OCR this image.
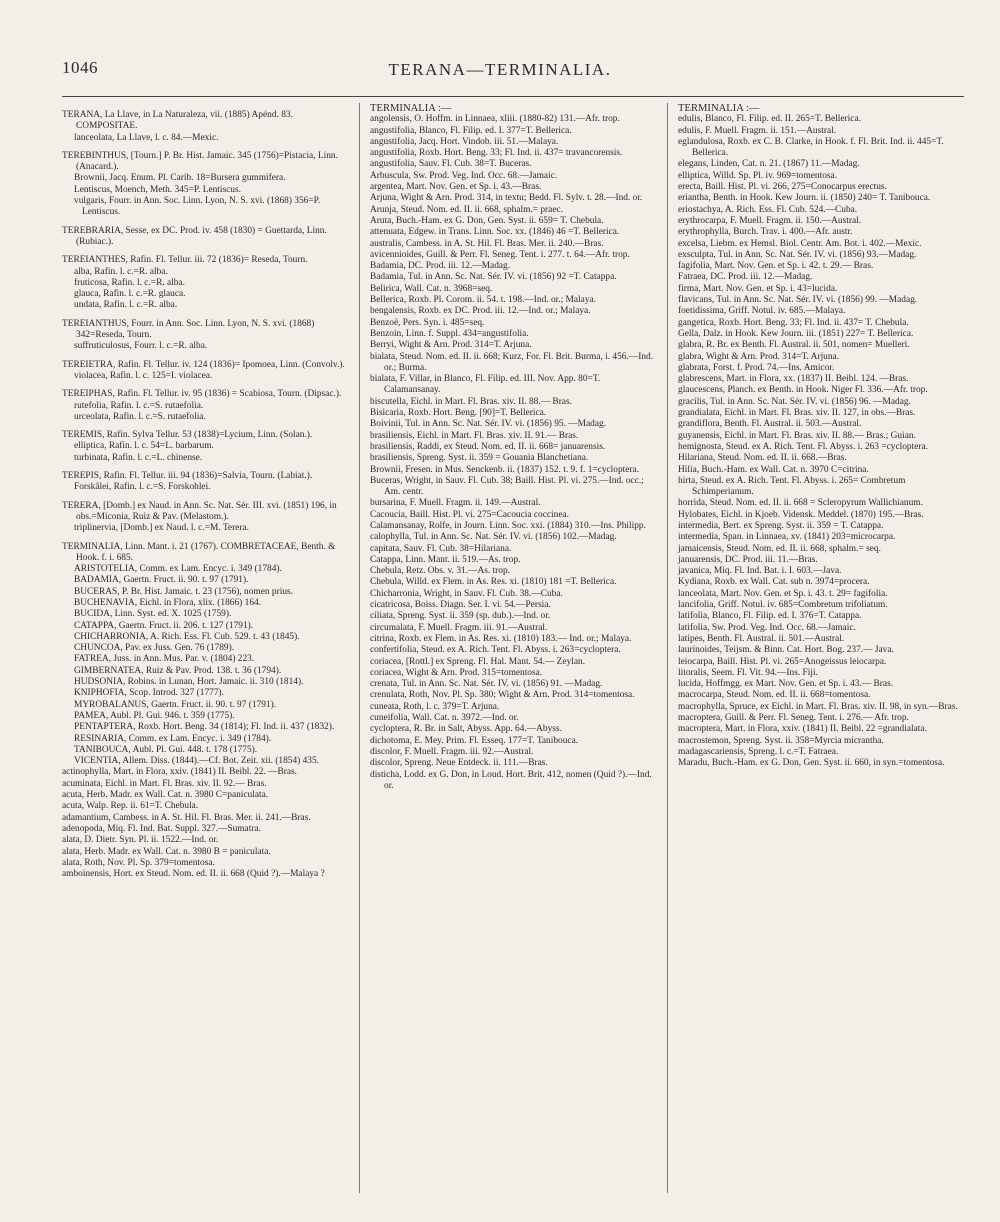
1046	TERANA—TERMINALIA.

TERANA, La Llave, in La Naturaleza, vii. (1885) Apénd. 83. COMPOSITAE.

lanceolata, La Llave, l. c. 84.—Mexic.

TEREBINTHUS, [Tourn.] P. Br. Hist. Jamaic. 345 (1756)=Pistacia, Linn. (Anacard.).

Brownii, Jacq. Enum. Pl. Carib. 18=Bursera gummifera.

Lentiscus, Moench, Meth. 345=P. Lentiscus.

vulgaris, Fourr. in Ann. Soc. Linn. Lyon, N. S. xvi. (1868) 356=P. Lentiscus.

TEREBRARIA, Sesse, ex DC. Prod. iv. 458 (1830) = Guettarda, Linn. (Rubiac.).

TEREIANTHES, Rafin. Fl. Tellur. iii. 72 (1836)= Reseda, Tourn.

alba, Rafin. l. c.=R. alba.

fruticosa, Rafin. l. c.=R. alba.

glauca, Rafin. l. c.=R. glauca.

undata, Rafin. l. c.=R. alba.

TEREIANTHUS, Fourr. in Ann. Soc. Linn. Lyon, N. S. xvi. (1868) 342=Reseda, Tourn.

suffruticulosus, Fourr. l. c.=R. alba.

TEREIETRA, Rafin. Fl. Tellur. iv. 124 (1836)= Ipomoea, Linn. (Convolv.).

violacea, Rafin. l. c. 125=I. violacea.

TEREIPHAS, Rafin. Fl. Tellur. iv. 95 (1836) = Scabiosa, Tourn. (Dipsac.).

rutefolia, Rafin. l. c.=S. rutaefolia.

urceolata, Rafin. l. c.=S. rutaefolia.

TEREMIS, Rafin. Sylva Tellur. 53 (1838)=Lycium, Linn. (Solan.).

elliptica, Rafin. l. c. 54=L. barbarum.

turbinata, Rafin. l. c.=L. chinense.

TEREPIS, Rafin. Fl. Tellur. iii. 94 (1836)=Salvia, Tourn. (Labiat.).

Forskålei, Rafin. l. c.=S. Forskohlei.

TERERA, [Domb.] ex Naud. in Ann. Sc. Nat. Sér. III. xvi. (1851) 196, in obs.=Miconia, Ruiz & Pav. (Melastom.).

triplinervia, [Domb.] ex Naud. l. c.=M. Terera.

TERMINALIA, Linn. Mant. i. 21 (1767). COMBRETACEAE, Benth. & Hook. f. i. 685.

ARISTOTELIA, Comm. ex Lam. Encyc. i. 349 (1784).

BADAMIA, Gaertn. Fruct. ii. 90. t. 97 (1791).

BUCERAS, P. Br. Hist. Jamaic. t. 23 (1756), nomen prius.

BUCHENAVIA, Eichl. in Flora, xlix. (1866) 164.

BUCIDA, Linn. Syst. ed. X. 1025 (1759).

CATAPPA, Gaertn. Fruct. ii. 206. t. 127 (1791).

CHICHARRONIA, A. Rich. Ess. Fl. Cub. 529. t. 43 (1845).

CHUNCOA, Pav. ex Juss. Gen. 76 (1789).

FATREA, Juss. in Ann. Mus. Par. v. (1804) 223.

GIMBERNATEA, Ruiz & Pav. Prod. 138. t. 36 (1794).

HUDSONIA, Robins. in Lunan, Hort. Jamaic. ii. 310 (1814).

KNIPHOFIA, Scop. Introd. 327 (1777).

MYROBALANUS, Gaertn. Fruct. ii. 90. t. 97 (1791).

PAMEA, Aubl. Pl. Gui. 946. t. 359 (1775).

PENTAPTERA, Roxb. Hort. Beng. 34 (1814); Fl. Ind. ii. 437 (1832).

RESINARIA, Comm. ex Lam. Encyc. i. 349 (1784).

TANIBOUCA, Aubl. Pl. Gui. 448. t. 178 (1775).

VICENTIA, Allem. Diss. (1844).—Cf. Bot. Zeit. xii. (1854) 435.

actinophylla, Mart. in Flora, xxiv. (1841) II. Beibl. 22. —Bras.

acuminata, Eichl. in Mart. Fl. Bras. xiv. II. 92.— Bras.

acuta, Herb. Madr. ex Wall. Cat. n. 3980 C=paniculata.

acuta, Walp. Rep. ii. 61=T. Chebula.

adamantium, Cambess. in A. St. Hil. Fl. Bras. Mer. ii. 241.—Bras.

adenopoda, Miq. Fl. Ind. Bat. Suppl. 327.—Sumatra.

alata, D. Dietr. Syn. Pl. ii. 1522.—Ind. or.

alata, Herb. Madr. ex Wall. Cat. n. 3980 B = paniculata.

alata, Roth, Nov. Pl. Sp. 379=tomentosa.

amboinensis, Hort. ex Steud. Nom. ed. II. ii. 668 (Quid ?).—Malaya ?

TERMINALIA :—

angolensis, O. Hoffm. in Linnaea, xliii. (1880-82) 131.—Afr. trop.

angustifolia, Blanco, Fl. Filip. ed. I. 377=T. Bellerica.

angustifolia, Jacq. Hort. Vindob. iii. 51.—Malaya.

angustifolia, Roxb. Hort. Beng. 33; Fl. Ind. ii. 437= travancorensis.

angustifolia, Sauv. Fl. Cub. 38=T. Buceras.

Arbuscula, Sw. Prod. Veg. Ind. Occ. 68.—Jamaic.

argentea, Mart. Nov. Gen. et Sp. i. 43.—Bras.

Arjuna, Wight & Arn. Prod. 314, in textu; Bedd. Fl. Sylv. t. 28.—Ind. or.

Arunja, Steud. Nom. ed. II. ii. 668, sphalm.= praec.

Aruta, Buch.-Ham. ex G. Don, Gen. Syst. ii. 659= T. Chebula.

attenuata, Edgew. in Trans. Linn. Soc. xx. (1846) 46 =T. Bellerica.

australis, Cambess. in A. St. Hil. Fl. Bras. Mer. ii. 240.—Bras.

avicennioides, Guill. & Perr. Fl. Seneg. Tent. i. 277. t. 64.—Afr. trop.

Badamia, DC. Prod. iii. 12.—Madag.

Badamia, Tul. in Ann. Sc. Nat. Sér. IV. vi. (1856) 92 =T. Catappa.

Belirica, Wall. Cat. n. 3968=seq.

Bellerica, Roxb. Pl. Corom. ii. 54. t. 198.—Ind. or.; Malaya.

bengalensis, Roxb. ex DC. Prod. iii. 12.—Ind. or.; Malaya.

Benzoë, Pers. Syn. i. 485=seq.

Benzoin, Linn. f. Suppl. 434=angustifolia.

Berryi, Wight & Arn. Prod. 314=T. Arjuna.

bialata, Steud. Nom. ed. II. ii. 668; Kurz, For. Fl. Brit. Burma, i. 456.—Ind. or.; Burma.

bialata, F. Villar, in Blanco, Fl. Filip. ed. III. Nov. App. 80=T. Calamansanay.

biscutella, Eichl. in Mart. Fl. Bras. xiv. II. 88.— Bras.

Bisicaria, Roxb. Hort. Beng. [90]=T. Bellerica.

Boivinii, Tul. in Ann. Sc. Nat. Sér. IV. vi. (1856) 95. —Madag.

brasiliensis, Eichl. in Mart. Fl. Bras. xiv. II. 91.— Bras.

brasiliensis, Raddi, ex Steud. Nom. ed. II. ii. 668= januarensis.

brasiliensis, Spreng. Syst. ii. 359 = Gouania Blanchetiana.

Brownii, Fresen. in Mus. Senckenb. ii. (1837) 152. t. 9. f. 1=cycloptera.

Buceras, Wright, in Sauv. Fl. Cub. 38; Baill. Hist. Pl. vi. 275.—Ind. occ.; Am. centr.

bursarina, F. Muell. Fragm. ii. 149.—Austral.

Cacoucia, Baill. Hist. Pl. vi. 275=Cacoucia coccinea.

Calamansanay, Rolfe, in Journ. Linn. Soc. xxi. (1884) 310.—Ins. Philipp.

calophylla, Tul. in Ann. Sc. Nat. Sér. IV. vi. (1856) 102.—Madag.

capitata, Sauv. Fl. Cub. 38=Hilariana.

Catappa, Linn. Mant. ii. 519.—As. trop.

Chebula, Retz. Obs. v. 31.—As. trop.

Chebula, Willd. ex Flem. in As. Res. xi. (1810) 181 =T. Bellerica.

Chicharronia, Wright, in Sauv. Fl. Cub. 38.—Cuba.

cicatricosa, Boiss. Diagn. Ser. I. vi. 54.—Persia.

ciliata, Spreng. Syst. ii. 359 (sp. dub.).—Ind. or.

circumalata, F. Muell. Fragm. iii. 91.—Austral.

citrina, Roxb. ex Flem. in As. Res. xi. (1810) 183.— Ind. or.; Malaya.

confertifolia, Steud. ex A. Rich. Tent. Fl. Abyss. i. 263=cycloptera.

coriacea, [Rottl.] ex Spreng. Fl. Hal. Mant. 54.— Zeylan.

coriacea, Wight & Arn. Prod. 315=tomentosa.

crenata, Tul. in Ann. Sc. Nat. Sér. IV. vi. (1856) 91. —Madag.

crenulata, Roth, Nov. Pl. Sp. 380; Wight & Arn. Prod. 314=tomentosa.

cuneata, Roth, l. c. 379=T. Arjuna.

cuneifolia, Wall. Cat. n. 3972.—Ind. or.

cycloptera, R. Br. in Salt, Abyss. App. 64.—Abyss.

dichotoma, E. Mey. Prim. Fl. Esseq. 177=T. Tanibouca.

discolor, F. Muell. Fragm. iii. 92.—Austral.

discolor, Spreng. Neue Entdeck. ii. 111.—Bras.

disticha, Lodd. ex G. Don, in Loud. Hort. Brit. 412, nomen (Quid ?).—Ind. or.

TERMINALIA :—

edulis, Blanco, Fl. Filip. ed. II. 265=T. Bellerica.

edulis, F. Muell. Fragm. ii. 151.—Austral.

eglandulosa, Roxb. ex C. B. Clarke, in Hook. f. Fl. Brit. Ind. ii. 445=T. Bellerica.

elegans, Linden, Cat. n. 21. (1867) 11.—Madag.

elliptica, Willd. Sp. Pl. iv. 969=tomentosa.

erecta, Baill. Hist. Pl. vi. 266, 275=Conocarpus erectus.

eriantha, Benth. in Hook. Kew Journ. ii. (1850) 240= T. Tanibouca.

eriostachya, A. Rich. Ess. Fl. Cub. 524.—Cuba.

erythrocarpa, F. Muell. Fragm. ii. 150.—Austral.

erythrophylla, Burch. Trav. i. 400.—Afr. austr.

excelsa, Liebm. ex Hemsl. Biol. Centr. Am. Bot. i. 402.—Mexic.

exsculpta, Tul. in Ann. Sc. Nat. Sér. IV. vi. (1856) 93.—Madag.

fagifolia, Mart. Nov. Gen. et Sp. i. 42. t. 29.— Bras.

Fatraea, DC. Prod. iii. 12.—Madag.

firma, Mart. Nov. Gen. et Sp. i. 43=lucida.

flavicans, Tul. in Ann. Sc. Nat. Sér. IV. vi. (1856) 99. —Madag.

foetidissima, Griff. Notul. iv. 685.—Malaya.

gangetica, Roxb. Hort. Beng. 33; Fl. Ind. ii. 437= T. Chebula.

Gella, Dalz. in Hook. Kew Journ. iii. (1851) 227= T. Bellerica.

glabra, R. Br. ex Benth. Fl. Austral. ii. 501, nomen= Muelleri.

glabra, Wight & Arn. Prod. 314=T. Arjuna.

glabrata, Forst. f. Prod. 74.—Ins. Amicor.

glabrescens, Mart. in Flora, xx. (1837) II. Beibl. 124. —Bras.

glaucescens, Planch. ex Benth. in Hook. Niger Fl. 336.—Afr. trop.

gracilis, Tul. in Ann. Sc. Nat. Sér. IV. vi. (1856) 96. —Madag.

grandialata, Eichl. in Mart. Fl. Bras. xiv. II. 127, in obs.—Bras.

grandiflora, Benth. Fl. Austral. ii. 503.—Austral.

guyanensis, Eichl. in Mart. Fl. Bras. xiv. II. 88.— Bras.; Guian.

hemignosta, Steud. ex A. Rich. Tent. Fl. Abyss. i. 263 =cycloptera.

Hilariana, Steud. Nom. ed. II. ii. 668.—Bras.

Hilia, Buch.-Ham. ex Wall. Cat. n. 3970 C=citrina.

hirta, Steud. ex A. Rich. Tent. Fl. Abyss. i. 265= Combretum Schimperianum.

horrida, Steud. Nom. ed. II. ii. 668 = Scleropyrum Wallichianum.

Hylobates, Eichl. in Kjoeb. Vidensk. Meddel. (1870) 195.—Bras.

intermedia, Bert. ex Spreng. Syst. ii. 359 = T. Catappa.

intermedia, Span. in Linnaea, xv. (1841) 203=microcarpa.

jamaicensis, Steud. Nom. ed. II. ii. 668, sphalm.= seq.

januarensis, DC. Prod. iii. 11.—Bras.

javanica, Miq. Fl. Ind. Bat. i. I. 603.—Java.

Kydiana, Roxb. ex Wall. Cat. sub n. 3974=procera.

lanceolata, Mart. Nov. Gen. et Sp. i. 43. t. 29= fagifolia.

lancifolia, Griff. Notul. iv. 685=Combretum trifoliatum.

latifolia, Blanco, Fl. Filip. ed. I. 376=T. Catappa.

latifolia, Sw. Prod. Veg. Ind. Occ. 68.—Jamaic.

latipes, Benth. Fl. Austral. ii. 501.—Austral.

laurinoides, Teijsm. & Binn. Cat. Hort. Bog. 237.— Java.

leiocarpa, Baill. Hist. Pl. vi. 265=Anogeissus leiocarpa.

litoralis, Seem. Fl. Vit. 94.—Ins. Fiji.

lucida, Hoffmgg. ex Mart. Nov. Gen. et Sp. i. 43.— Bras.

macrocarpa, Steud. Nom. ed. II. ii. 668=tomentosa.

macrophylla, Spruce, ex Eichl. in Mart. Fl. Bras. xiv. II. 98, in syn.—Bras.

macroptera, Guill. & Perr. Fl. Seneg. Tent. i. 276.— Afr. trop.

macroptera, Mart. in Flora, xxiv. (1841) II. Beibl. 22 =grandialata.

macrostemon, Spreng. Syst. ii. 358=Myrcia micrantha.

madagascariensis, Spreng. l. c.=T. Fatraea.

Maradu, Buch.-Ham. ex G. Don, Gen. Syst. ii. 660, in syn.=tomentosa.
